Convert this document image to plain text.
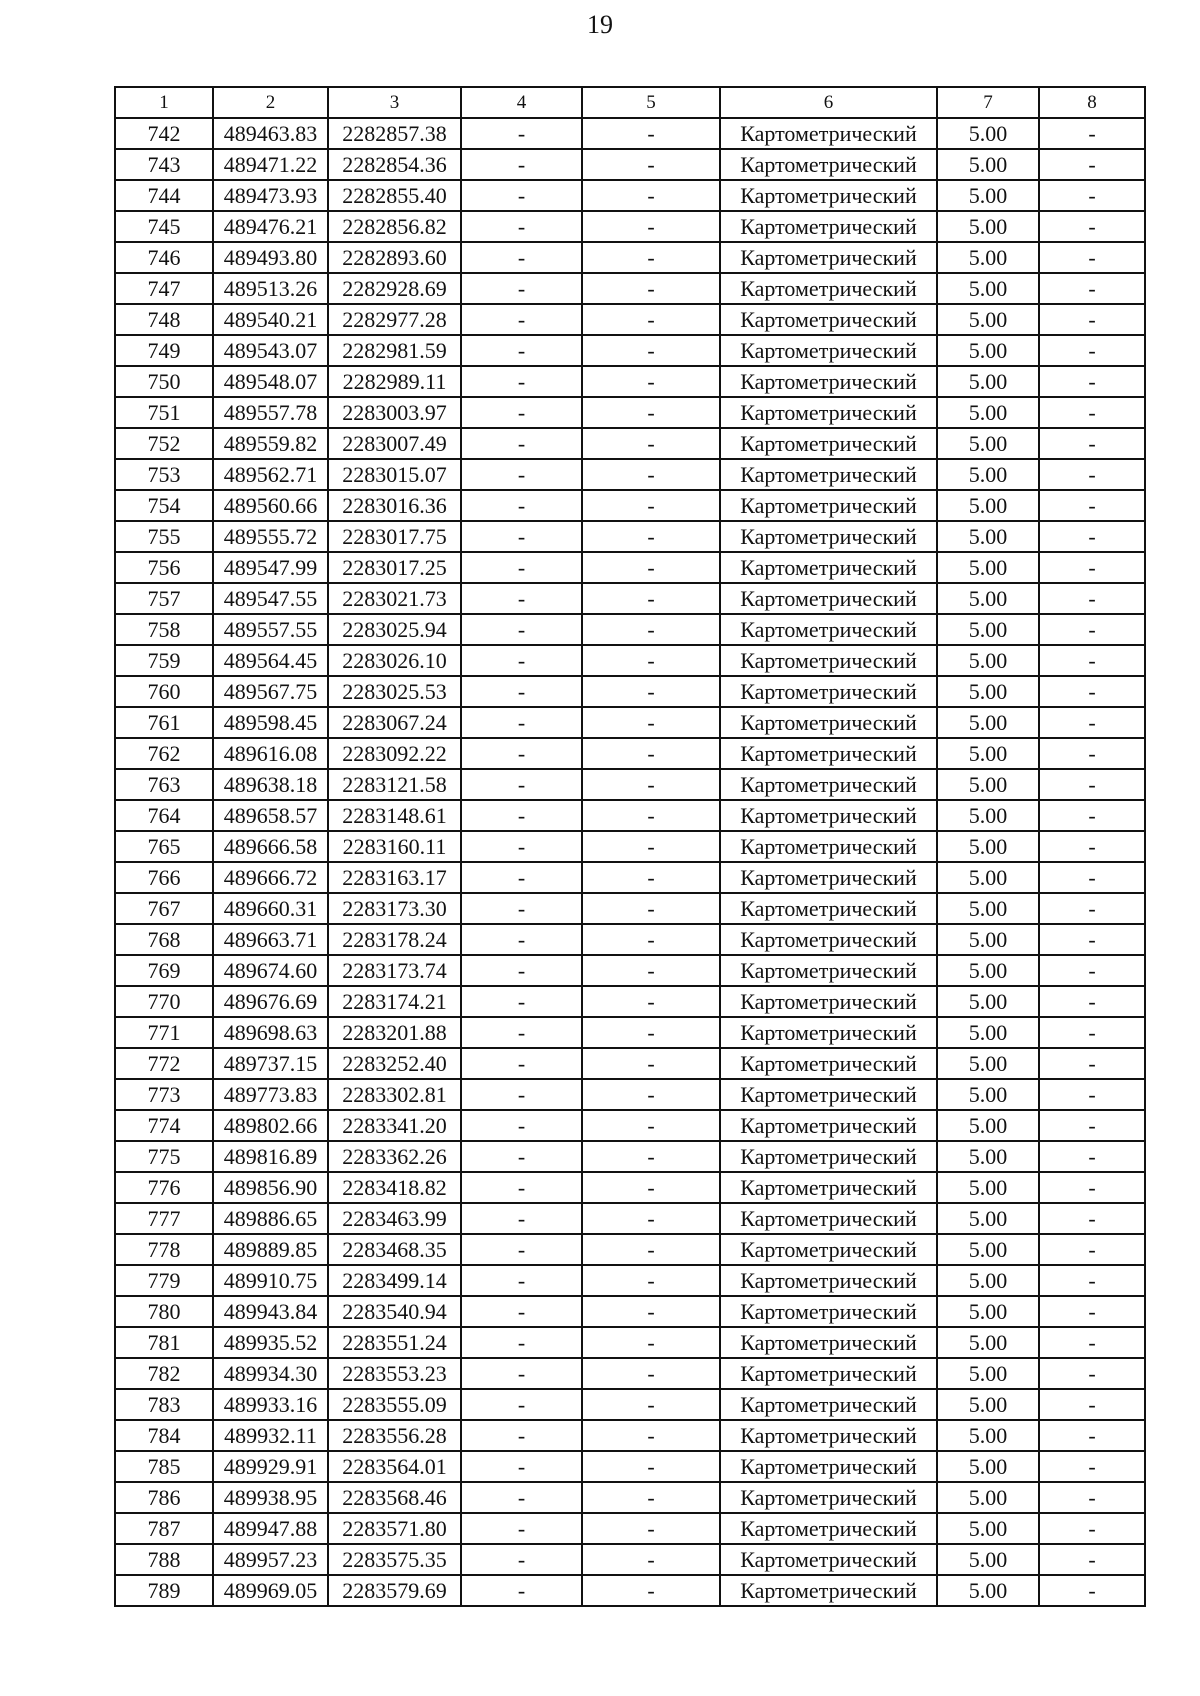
19
1	2	3	4	5	6	7	8
742	489463.83	2282857.38	-	-	Картометрический	5.00	-
743	489471.22	2282854.36	-	-	Картометрический	5.00	-
744	489473.93	2282855.40	-	-	Картометрический	5.00	-
745	489476.21	2282856.82	-	-	Картометрический	5.00	-
746	489493.80	2282893.60	-	-	Картометрический	5.00	-
747	489513.26	2282928.69	-	-	Картометрический	5.00	-
748	489540.21	2282977.28	-	-	Картометрический	5.00	-
749	489543.07	2282981.59	-	-	Картометрический	5.00	-
750	489548.07	2282989.11	-	-	Картометрический	5.00	-
751	489557.78	2283003.97	-	-	Картометрический	5.00	-
752	489559.82	2283007.49	-	-	Картометрический	5.00	-
753	489562.71	2283015.07	-	-	Картометрический	5.00	-
754	489560.66	2283016.36	-	-	Картометрический	5.00	-
755	489555.72	2283017.75	-	-	Картометрический	5.00	-
756	489547.99	2283017.25	-	-	Картометрический	5.00	-
757	489547.55	2283021.73	-	-	Картометрический	5.00	-
758	489557.55	2283025.94	-	-	Картометрический	5.00	-
759	489564.45	2283026.10	-	-	Картометрический	5.00	-
760	489567.75	2283025.53	-	-	Картометрический	5.00	-
761	489598.45	2283067.24	-	-	Картометрический	5.00	-
762	489616.08	2283092.22	-	-	Картометрический	5.00	-
763	489638.18	2283121.58	-	-	Картометрический	5.00	-
764	489658.57	2283148.61	-	-	Картометрический	5.00	-
765	489666.58	2283160.11	-	-	Картометрический	5.00	-
766	489666.72	2283163.17	-	-	Картометрический	5.00	-
767	489660.31	2283173.30	-	-	Картометрический	5.00	-
768	489663.71	2283178.24	-	-	Картометрический	5.00	-
769	489674.60	2283173.74	-	-	Картометрический	5.00	-
770	489676.69	2283174.21	-	-	Картометрический	5.00	-
771	489698.63	2283201.88	-	-	Картометрический	5.00	-
772	489737.15	2283252.40	-	-	Картометрический	5.00	-
773	489773.83	2283302.81	-	-	Картометрический	5.00	-
774	489802.66	2283341.20	-	-	Картометрический	5.00	-
775	489816.89	2283362.26	-	-	Картометрический	5.00	-
776	489856.90	2283418.82	-	-	Картометрический	5.00	-
777	489886.65	2283463.99	-	-	Картометрический	5.00	-
778	489889.85	2283468.35	-	-	Картометрический	5.00	-
779	489910.75	2283499.14	-	-	Картометрический	5.00	-
780	489943.84	2283540.94	-	-	Картометрический	5.00	-
781	489935.52	2283551.24	-	-	Картометрический	5.00	-
782	489934.30	2283553.23	-	-	Картометрический	5.00	-
783	489933.16	2283555.09	-	-	Картометрический	5.00	-
784	489932.11	2283556.28	-	-	Картометрический	5.00	-
785	489929.91	2283564.01	-	-	Картометрический	5.00	-
786	489938.95	2283568.46	-	-	Картометрический	5.00	-
787	489947.88	2283571.80	-	-	Картометрический	5.00	-
788	489957.23	2283575.35	-	-	Картометрический	5.00	-
789	489969.05	2283579.69	-	-	Картометрический	5.00	-
